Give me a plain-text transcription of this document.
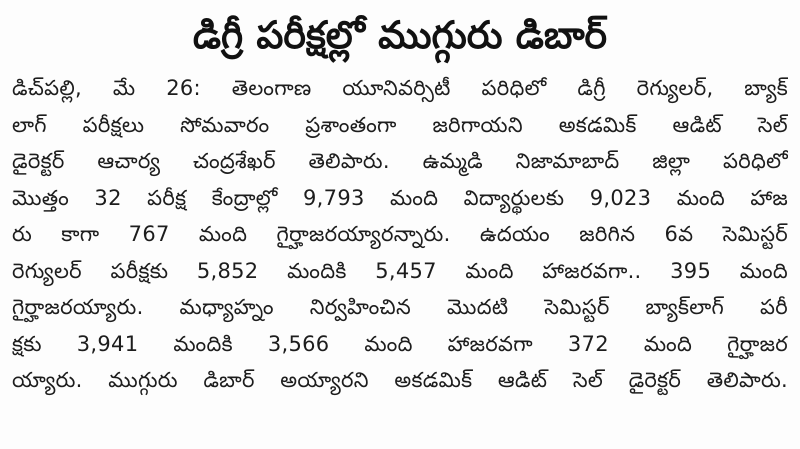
డిగ్రీ పరీక్షల్లో ముగ్గురు డిబార్
డిచ్‌పల్లి, మే 26: తెలంగాణ యూనివర్సిటీ పరిధిలో డిగ్రీ రెగ్యులర్, బ్యాక్
లాగ్ పరీక్షలు సోమవారం ప్రశాంతంగా జరిగాయని అకడమిక్ ఆడిట్ సెల్
డైరెక్టర్ ఆచార్య చంద్రశేఖర్ తెలిపారు. ఉమ్మడి నిజామాబాద్ జిల్లా పరిధిలో
మొత్తం 32 పరీక్ష కేంద్రాల్లో 9,793 మంది విద్యార్థులకు 9,023 మంది హాజ
రు కాగా 767 మంది గైర్హాజరయ్యారన్నారు. ఉదయం జరిగిన 6వ సెమిస్టర్
రెగ్యులర్ పరీక్షకు 5,852 మందికి 5,457 మంది హాజరవగా.. 395 మంది
గైర్హాజరయ్యారు. మధ్యాహ్నం నిర్వహించిన మొదటి సెమిస్టర్ బ్యాక్‌లాగ్ పరీ
క్షకు 3,941 మందికి 3,566 మంది హాజరవగా 372 మంది గైర్హాజర
య్యారు. ముగ్గురు డిబార్ అయ్యారని అకడమిక్ ఆడిట్ సెల్ డైరెక్టర్ తెలిపారు.
